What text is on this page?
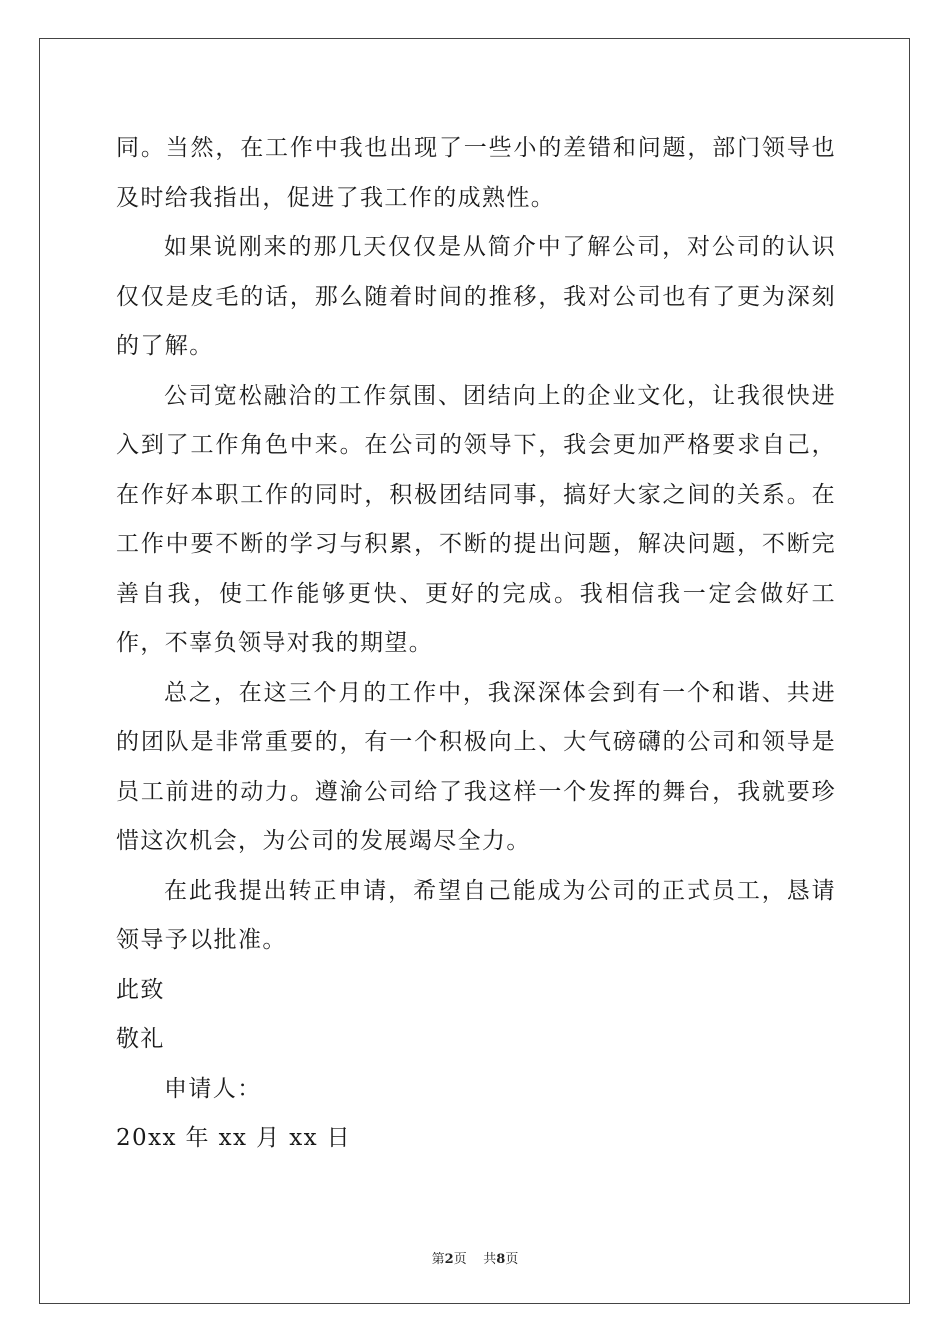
同。当然，在工作中我也出现了一些小的差错和问题，部门领导也及时给我指出，促进了我工作的成熟性。

如果说刚来的那几天仅仅是从简介中了解公司，对公司的认识仅仅是皮毛的话，那么随着时间的推移，我对公司也有了更为深刻的了解。

公司宽松融洽的工作氛围、团结向上的企业文化，让我很快进入到了工作角色中来。在公司的领导下，我会更加严格要求自己，在作好本职工作的同时，积极团结同事，搞好大家之间的关系。在工作中要不断的学习与积累，不断的提出问题，解决问题，不断完善自我，使工作能够更快、更好的完成。我相信我一定会做好工作，不辜负领导对我的期望。

总之，在这三个月的工作中，我深深体会到有一个和谐、共进的团队是非常重要的，有一个积极向上、大气磅礴的公司和领导是员工前进的动力。遵渝公司给了我这样一个发挥的舞台，我就要珍惜这次机会，为公司的发展竭尽全力。

在此我提出转正申请，希望自己能成为公司的正式员工，恳请领导予以批准。

此致

敬礼

申请人：

20xx 年 xx 月 xx 日

第2页 共8页
